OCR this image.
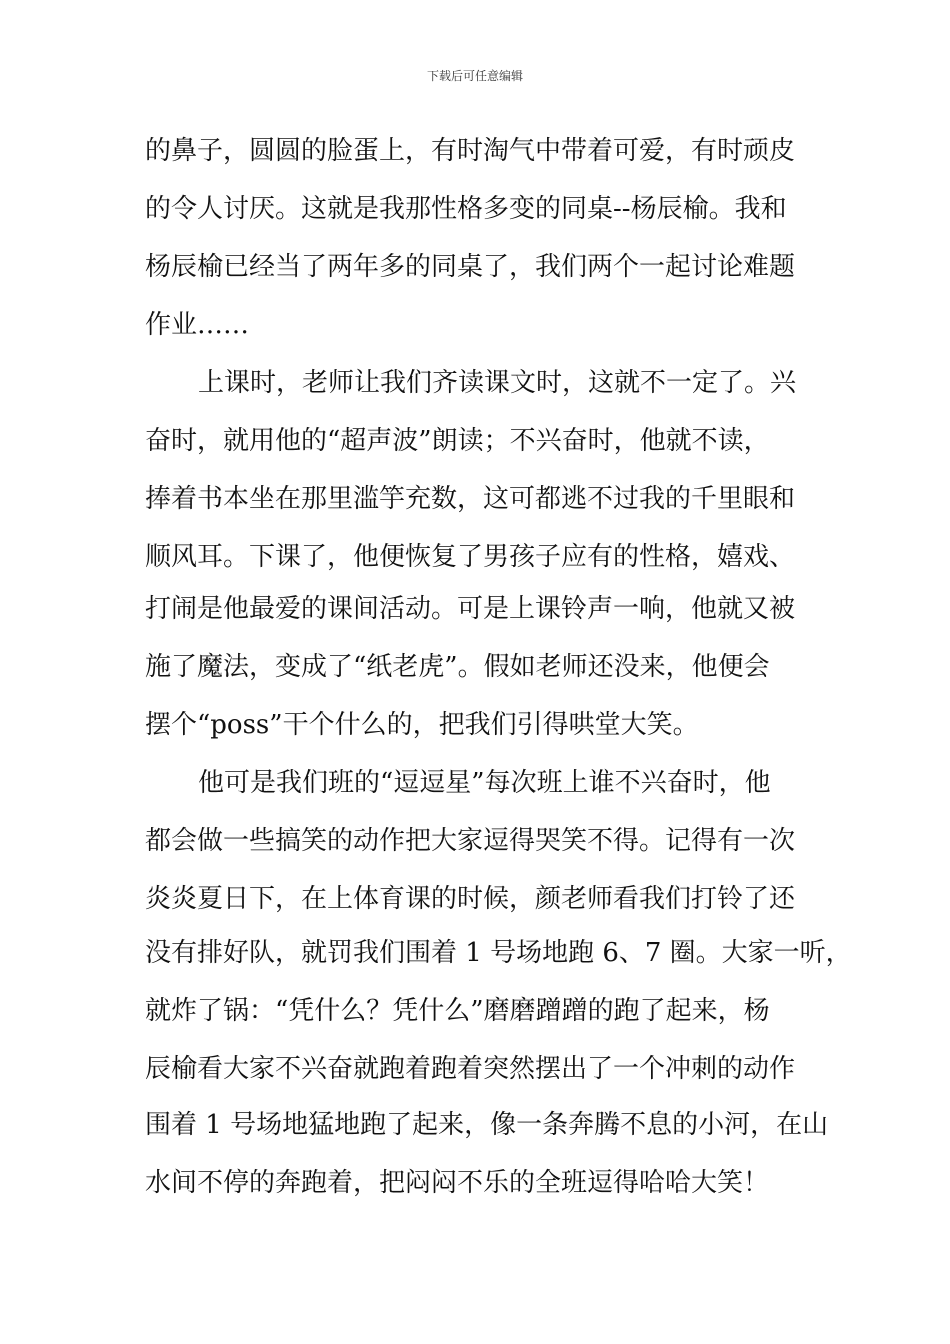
下载后可任意编辑
的鼻子，圆圆的脸蛋上，有时淘气中带着可爱，有时顽皮
的令人讨厌。这就是我那性格多变的同桌--杨辰榆。我和
杨辰榆已经当了两年多的同桌了，我们两个一起讨论难题
作业……
上课时，老师让我们齐读课文时，这就不一定了。兴
奋时，就用他的“超声波”朗读；不兴奋时，他就不读，
捧着书本坐在那里滥竽充数，这可都逃不过我的千里眼和
顺风耳。下课了，他便恢复了男孩子应有的性格，嬉戏、
打闹是他最爱的课间活动。可是上课铃声一响，他就又被
施了魔法，变成了“纸老虎”。假如老师还没来，他便会
摆个“poss”干个什么的，把我们引得哄堂大笑。
他可是我们班的“逗逗星”每次班上谁不兴奋时，他
都会做一些搞笑的动作把大家逗得哭笑不得。记得有一次
炎炎夏日下，在上体育课的时候，颜老师看我们打铃了还
没有排好队，就罚我们围着 1 号场地跑 6、7 圈。大家一听，
就炸了锅：“凭什么？凭什么”磨磨蹭蹭的跑了起来，杨
辰榆看大家不兴奋就跑着跑着突然摆出了一个冲刺的动作
围着 1 号场地猛地跑了起来，像一条奔腾不息的小河，在山
水间不停的奔跑着，把闷闷不乐的全班逗得哈哈大笑！
